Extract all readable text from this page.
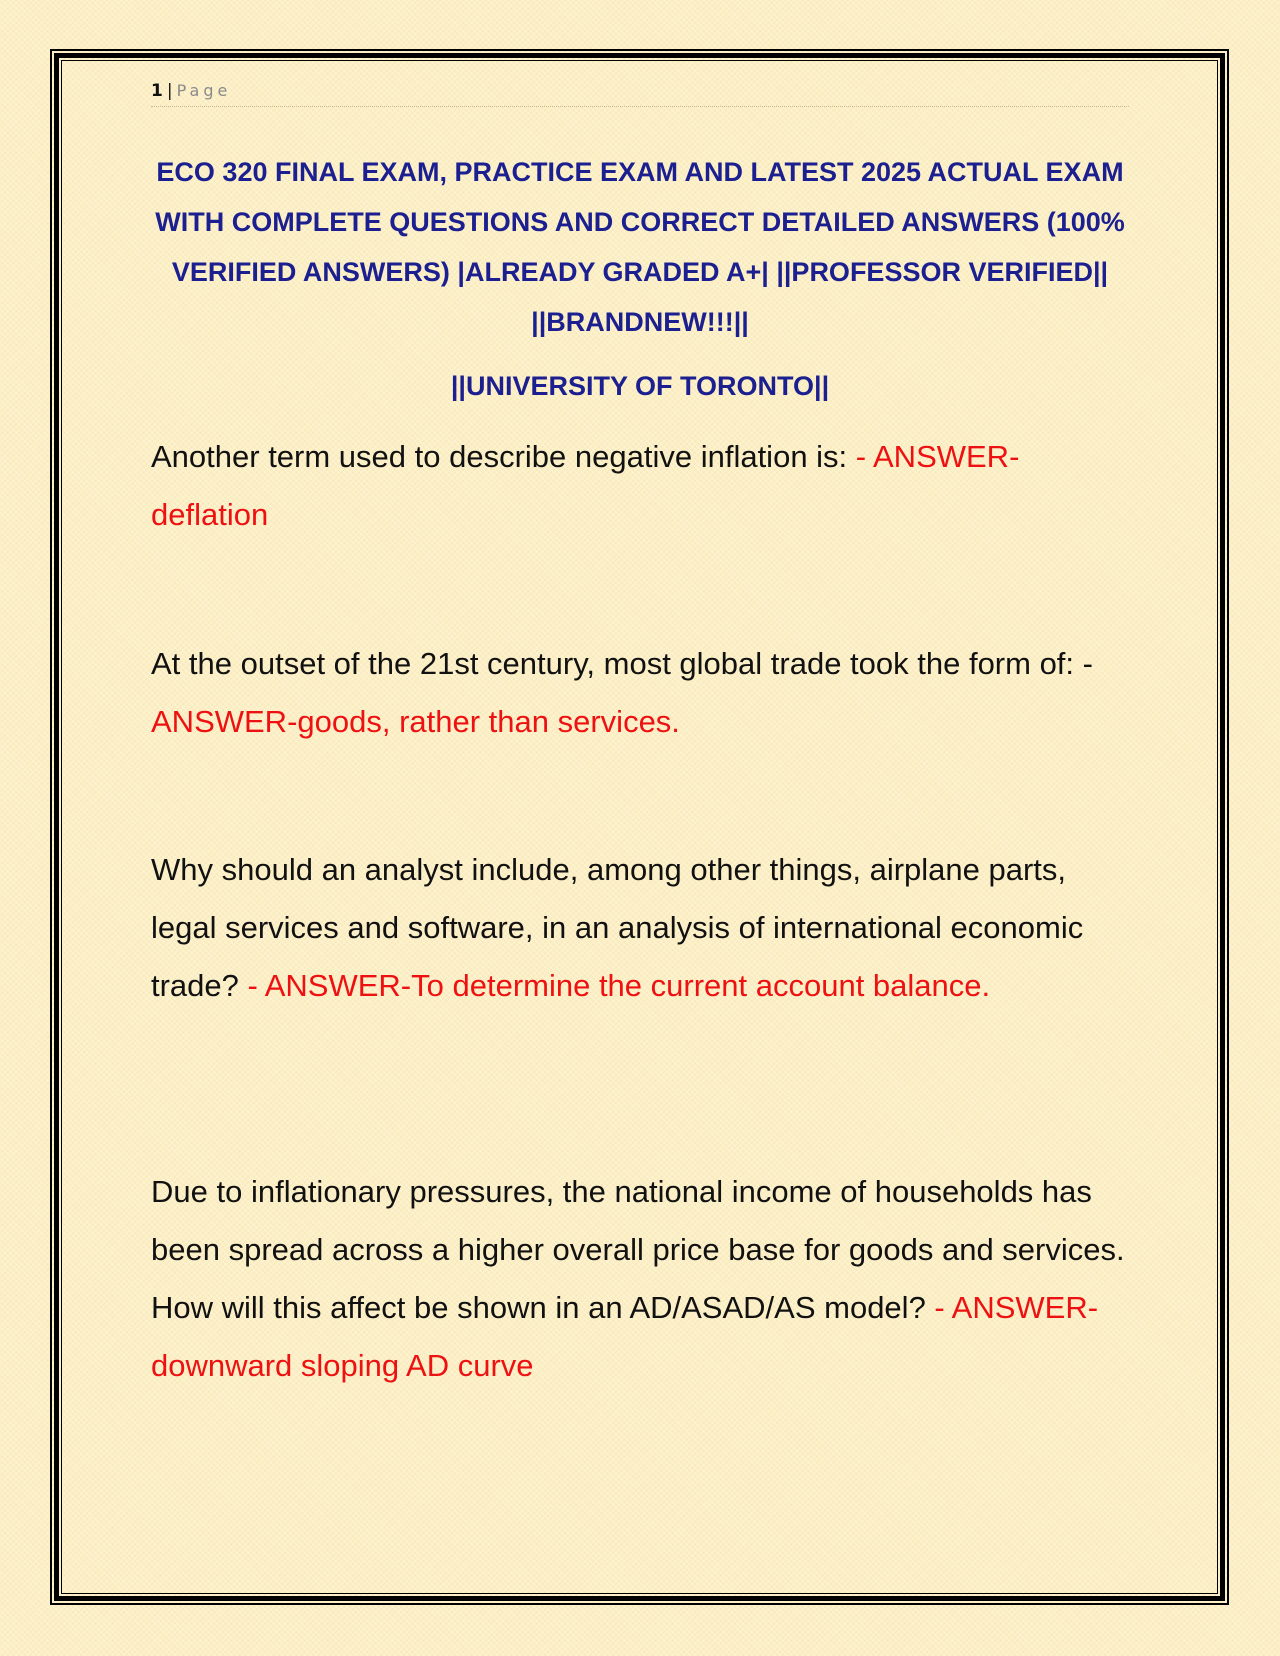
1 | Page
ECO 320 FINAL EXAM, PRACTICE EXAM AND LATEST 2025 ACTUAL EXAM WITH COMPLETE QUESTIONS AND CORRECT DETAILED ANSWERS (100% VERIFIED ANSWERS) |ALREADY GRADED A+| ||PROFESSOR VERIFIED|| ||BRANDNEW!!!||
||UNIVERSITY OF TORONTO||
Another term used to describe negative inflation is: - ANSWER-deflation
At the outset of the 21st century, most global trade took the form of: - ANSWER-goods, rather than services.
Why should an analyst include, among other things, airplane parts, legal services and software, in an analysis of international economic trade? - ANSWER-To determine the current account balance.
Due to inflationary pressures, the national income of households has been spread across a higher overall price base for goods and services. How will this affect be shown in an AD/ASAD/AS model? - ANSWER-downward sloping AD curve
